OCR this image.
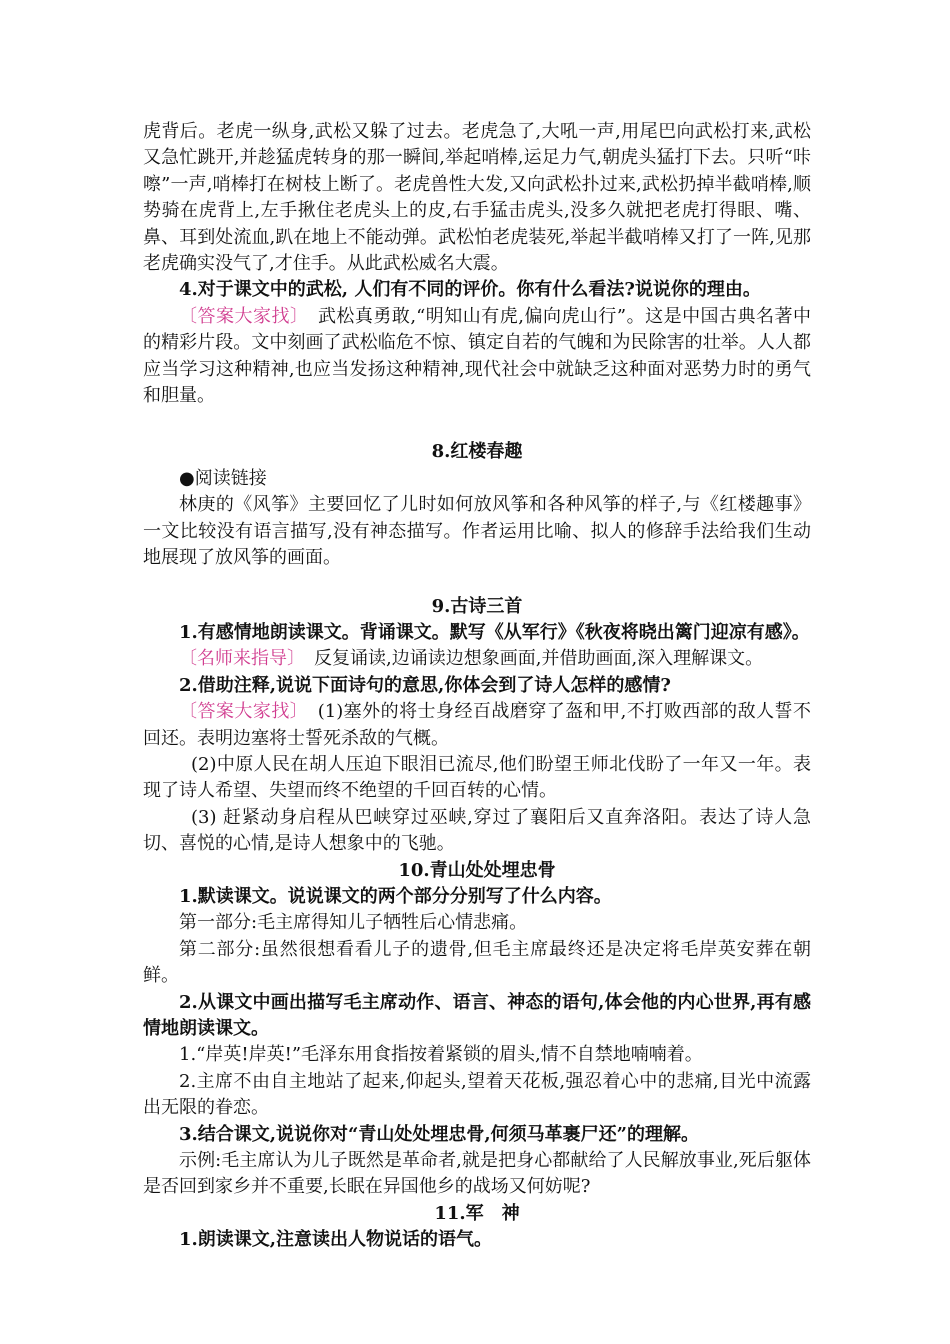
虎背后。老虎一纵身,武松又躲了过去。老虎急了,大吼一声,用尾巴向武松打来,武松又急忙跳开,并趁猛虎转身的那一瞬间,举起哨棒,运足力气,朝虎头猛打下去。只听“咔嚓”一声,哨棒打在树枝上断了。老虎兽性大发,又向武松扑过来,武松扔掉半截哨棒,顺势骑在虎背上,左手揪住老虎头上的皮,右手猛击虎头,没多久就把老虎打得眼、嘴、鼻、耳到处流血,趴在地上不能动弹。武松怕老虎装死,举起半截哨棒又打了一阵,见那老虎确实没气了,才住手。从此武松威名大震。

4.对于课文中的武松, 人们有不同的评价。你有什么看法?说说你的理由。

〔答案大家找〕　 武松真勇敢,“明知山有虎,偏向虎山行”。这是中国古典名著中的精彩片段。文中刻画了武松临危不惊、镇定自若的气魄和为民除害的壮举。人人都应当学习这种精神,也应当发扬这种精神,现代社会中就缺乏这种面对恶势力时的勇气和胆量。

8.红楼春趣

●阅读链接

林庚的《风筝》主要回忆了儿时如何放风筝和各种风筝的样子,与《红楼趣事》一文比较没有语言描写,没有神态描写。作者运用比喻、拟人的修辞手法给我们生动地展现了放风筝的画面。

9.古诗三首

1.有感情地朗读课文。背诵课文。默写《从军行》《秋夜将晓出篱门迎凉有感》。

〔名师来指导〕　 反复诵读,边诵读边想象画面,并借助画面,深入理解课文。

2.借助注释,说说下面诗句的意思,你体会到了诗人怎样的感情?

〔答案大家找〕　 (1)塞外的将士身经百战磨穿了盔和甲,不打败西部的敌人誓不回还。表明边塞将士誓死杀敌的气概。

(2)中原人民在胡人压迫下眼泪已流尽,他们盼望王师北伐盼了一年又一年。表现了诗人希望、失望而终不绝望的千回百转的心情。

(3) 赶紧动身启程从巴峡穿过巫峡,穿过了襄阳后又直奔洛阳。表达了诗人急切、喜悦的心情,是诗人想象中的飞驰。

10.青山处处埋忠骨

1.默读课文。说说课文的两个部分分别写了什么内容。

第一部分:毛主席得知儿子牺牲后心情悲痛。

第二部分:虽然很想看看儿子的遗骨,但毛主席最终还是决定将毛岸英安葬在朝鲜。

2.从课文中画出描写毛主席动作、语言、神态的语句,体会他的内心世界,再有感情地朗读课文。

1.“岸英!岸英!”毛泽东用食指按着紧锁的眉头,情不自禁地喃喃着。

2.主席不由自主地站了起来,仰起头,望着天花板,强忍着心中的悲痛,目光中流露出无限的眷恋。

3.结合课文,说说你对“青山处处埋忠骨,何须马革裹尸还”的理解。

示例:毛主席认为儿子既然是革命者,就是把身心都献给了人民解放事业,死后躯体是否回到家乡并不重要,长眠在异国他乡的战场又何妨呢?

11.军　神

1.朗读课文,注意读出人物说话的语气。
